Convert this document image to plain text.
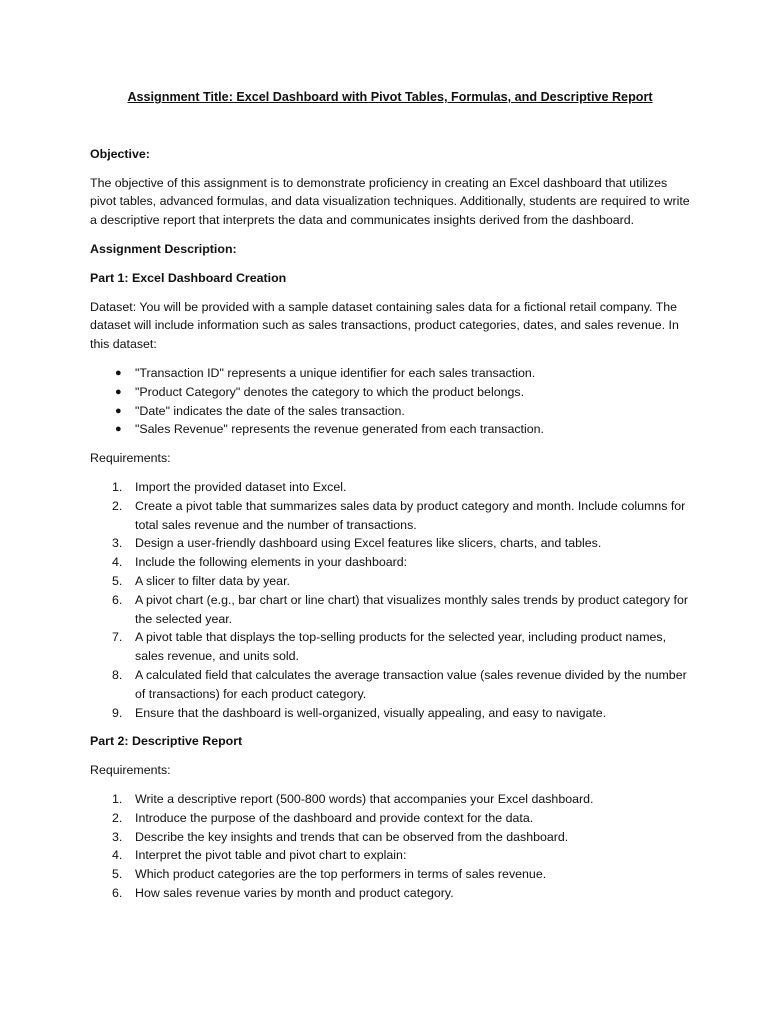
Assignment Title: Excel Dashboard with Pivot Tables, Formulas, and Descriptive Report

Objective:

The objective of this assignment is to demonstrate proficiency in creating an Excel dashboard that utilizes pivot tables, advanced formulas, and data visualization techniques. Additionally, students are required to write a descriptive report that interprets the data and communicates insights derived from the dashboard.

Assignment Description:

Part 1: Excel Dashboard Creation

Dataset: You will be provided with a sample dataset containing sales data for a fictional retail company. The dataset will include information such as sales transactions, product categories, dates, and sales revenue. In this dataset:

● "Transaction ID" represents a unique identifier for each sales transaction.
● "Product Category" denotes the category to which the product belongs.
● "Date" indicates the date of the sales transaction.
● "Sales Revenue" represents the revenue generated from each transaction.

Requirements:

1. Import the provided dataset into Excel.
2. Create a pivot table that summarizes sales data by product category and month. Include columns for total sales revenue and the number of transactions.
3. Design a user-friendly dashboard using Excel features like slicers, charts, and tables.
4. Include the following elements in your dashboard:
5. A slicer to filter data by year.
6. A pivot chart (e.g., bar chart or line chart) that visualizes monthly sales trends by product category for the selected year.
7. A pivot table that displays the top-selling products for the selected year, including product names, sales revenue, and units sold.
8. A calculated field that calculates the average transaction value (sales revenue divided by the number of transactions) for each product category.
9. Ensure that the dashboard is well-organized, visually appealing, and easy to navigate.

Part 2: Descriptive Report

Requirements:

1. Write a descriptive report (500-800 words) that accompanies your Excel dashboard.
2. Introduce the purpose of the dashboard and provide context for the data.
3. Describe the key insights and trends that can be observed from the dashboard.
4. Interpret the pivot table and pivot chart to explain:
5. Which product categories are the top performers in terms of sales revenue.
6. How sales revenue varies by month and product category.
